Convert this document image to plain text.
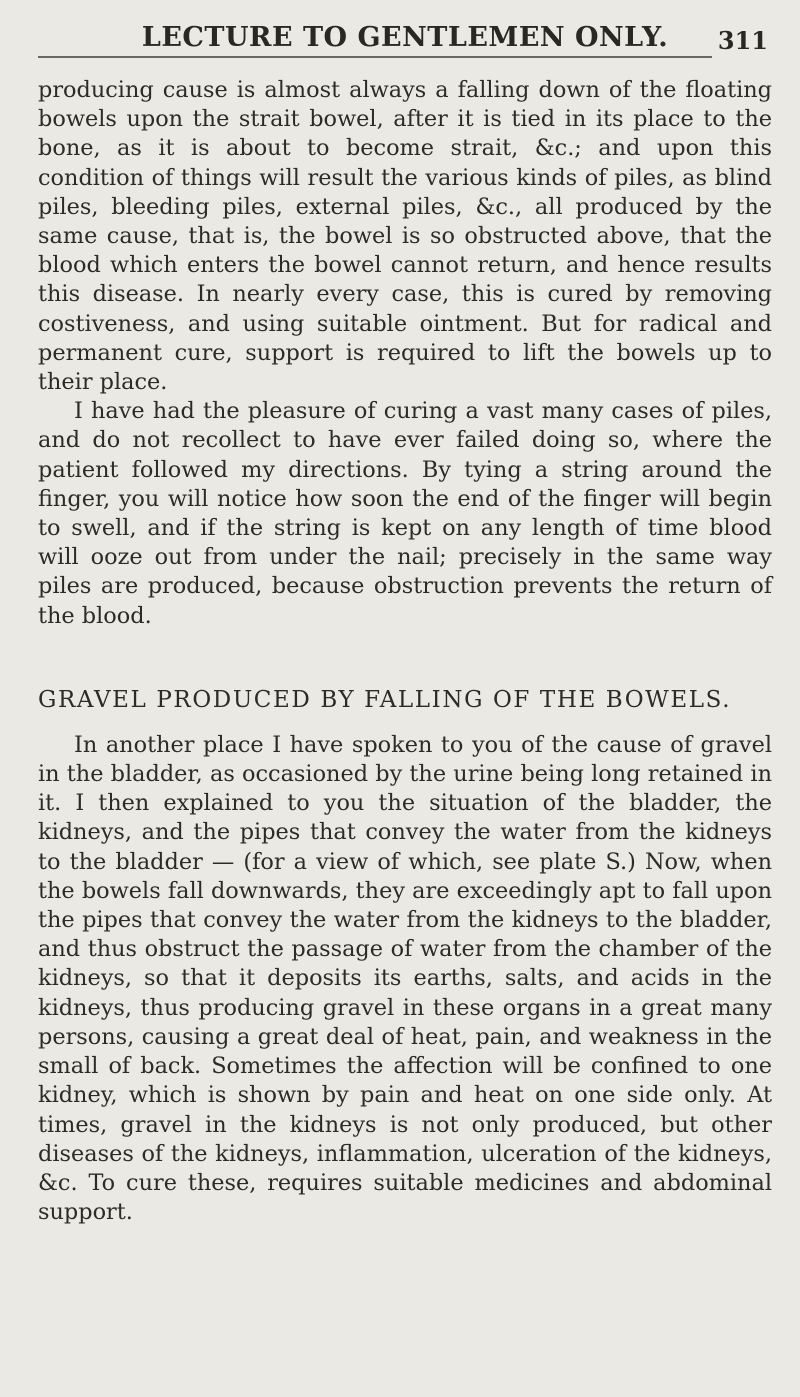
LECTURE TO GENTLEMEN ONLY.	311

producing cause is almost always a falling down of the floating bowels upon the strait bowel, after it is tied in its place to the bone, as it is about to become strait, &c.; and upon this condition of things will result the various kinds of piles, as blind piles, bleeding piles, external piles, &c., all produced by the same cause, that is, the bowel is so obstructed above, that the blood which enters the bowel cannot return, and hence results this disease. In nearly every case, this is cured by removing costiveness, and using suitable ointment. But for radical and permanent cure, support is required to lift the bowels up to their place.

I have had the pleasure of curing a vast many cases of piles, and do not recollect to have ever failed doing so, where the patient followed my directions. By tying a string around the finger, you will notice how soon the end of the finger will begin to swell, and if the string is kept on any length of time blood will ooze out from under the nail; precisely in the same way piles are produced, because obstruction prevents the return of the blood.

GRAVEL PRODUCED BY FALLING OF THE BOWELS.

In another place I have spoken to you of the cause of gravel in the bladder, as occasioned by the urine being long retained in it. I then explained to you the situation of the bladder, the kidneys, and the pipes that convey the water from the kidneys to the bladder — (for a view of which, see plate S.) Now, when the bowels fall downwards, they are exceedingly apt to fall upon the pipes that convey the water from the kidneys to the bladder, and thus obstruct the passage of water from the chamber of the kidneys, so that it deposits its earths, salts, and acids in the kidneys, thus producing gravel in these organs in a great many persons, causing a great deal of heat, pain, and weakness in the small of back. Sometimes the affection will be confined to one kidney, which is shown by pain and heat on one side only. At times, gravel in the kidneys is not only produced, but other diseases of the kidneys, inflammation, ulceration of the kidneys, &c. To cure these, requires suitable medicines and abdominal support.
